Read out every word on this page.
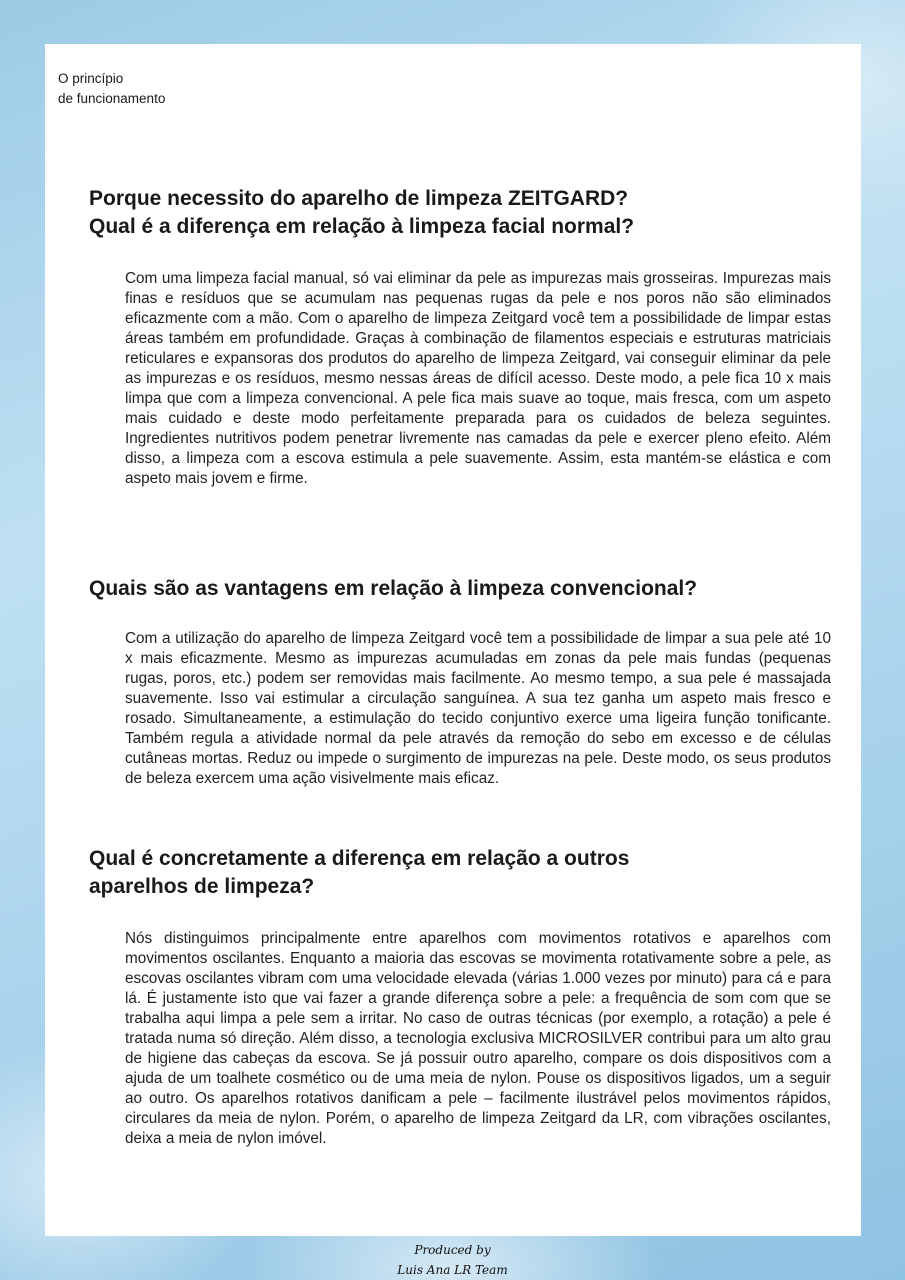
O princípio
de funcionamento
Porque necessito do aparelho de limpeza ZEITGARD?
Qual é a diferença em relação à limpeza facial normal?

Com uma limpeza facial manual, só vai eliminar da pele as impurezas mais grosseiras. Impurezas mais finas e resíduos que se acumulam nas pequenas rugas da pele e nos poros não são eliminados eficazmente com a mão. Com o aparelho de limpeza Zeitgard você tem a possibilidade de limpar estas áreas também em profundidade. Graças à combinação de filamentos especiais e estruturas matriciais reticulares e expansoras dos produtos do aparelho de limpeza Zeitgard, vai conseguir eliminar da pele as impurezas e os resíduos, mesmo nessas áreas de difícil acesso. Deste modo, a pele fica 10 x mais limpa que com a limpeza convencional. A pele fica mais suave ao toque, mais fresca, com um aspeto mais cuidado e deste modo perfeitamente preparada para os cuidados de beleza seguintes. Ingredientes nutritivos podem penetrar livremente nas camadas da pele e exercer pleno efeito. Além disso, a limpeza com a escova estimula a pele suavemente. Assim, esta mantém-se elástica e com aspeto mais jovem e firme.

Quais são as vantagens em relação à limpeza convencional?

Com a utilização do aparelho de limpeza Zeitgard você tem a possibilidade de limpar a sua pele até 10 x mais eficazmente. Mesmo as impurezas acumuladas em zonas da pele mais fundas (pequenas rugas, poros, etc.) podem ser removidas mais facilmente. Ao mesmo tempo, a sua pele é massajada suavemente. Isso vai estimular a circulação sanguínea. A sua tez ganha um aspeto mais fresco e rosado. Simultaneamente, a estimulação do tecido conjuntivo exerce uma ligeira função tonificante. Também regula a atividade normal da pele através da remoção do sebo em excesso e de células cutâneas mortas. Reduz ou impede o surgimento de impurezas na pele. Deste modo, os seus produtos de beleza exercem uma ação visivelmente mais eficaz.

Qual é concretamente a diferença em relação a outros
aparelhos de limpeza?

Nós distinguimos principalmente entre aparelhos com movimentos rotativos e aparelhos com movimentos oscilantes. Enquanto a maioria das escovas se movimenta rotativamente sobre a pele, as escovas oscilantes vibram com uma velocidade elevada (várias 1.000 vezes por minuto) para cá e para lá. É justamente isto que vai fazer a grande diferença sobre a pele: a frequência de som com que se trabalha aqui limpa a pele sem a irritar. No caso de outras técnicas (por exemplo, a rotação) a pele é tratada numa só direção. Além disso, a tecnologia exclusiva MICROSILVER contribui para um alto grau de higiene das cabeças da escova. Se já possuir outro aparelho, compare os dois dispositivos com a ajuda de um toalhete cosmético ou de uma meia de nylon. Pouse os dispositivos ligados, um a seguir ao outro. Os aparelhos rotativos danificam a pele – facilmente ilustrável pelos movimentos rápidos, circulares da meia de nylon. Porém, o aparelho de limpeza Zeitgard da LR, com vibrações oscilantes, deixa a meia de nylon imóvel.

Produced by
Luis Ana LR Team
